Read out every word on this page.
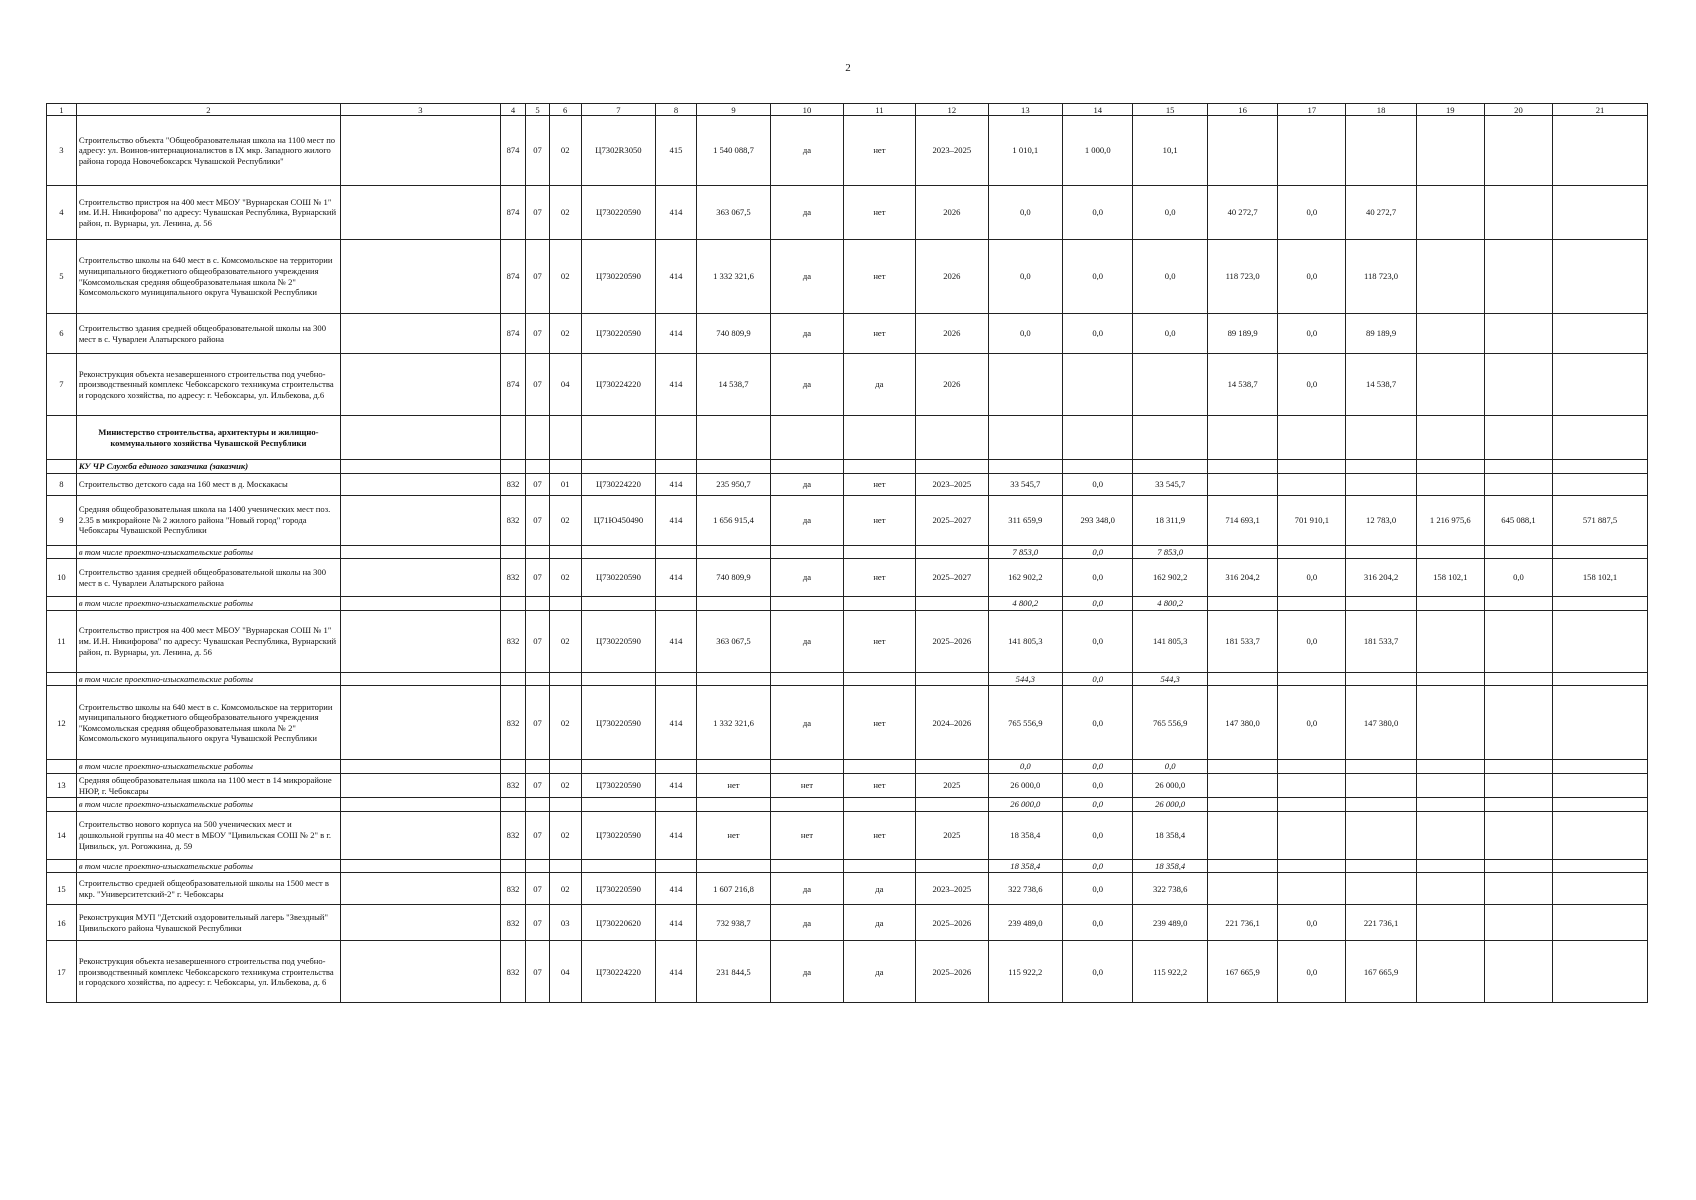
2
1	2	3	4	5	6	7	8	9	10	11	12	13	14	15	16	17	18	19	20	21
3	Строительство объекта "Общеобразовательная школа на 1100 мест по адресу: ул. Воинов-интернационалистов в IX мкр. Западного жилого района города Новочебоксарск Чувашской Республики"		874	07	02	Ц7302R3050	415	1 540 088,7	да	нет	2023–2025	1 010,1	1 000,0	10,1						
4	Строительство пристроя на 400 мест МБОУ "Вурнарская СОШ № 1" им. И.Н. Никифорова" по адресу: Чувашская Республика, Вурнарский район, п. Вурнары, ул. Ленина, д. 56		874	07	02	Ц730220590	414	363 067,5	да	нет	2026	0,0	0,0	0,0	40 272,7	0,0	40 272,7			
5	Строительство школы на 640 мест в с. Комсомольское на территории муниципального бюджетного общеобразовательного учреждения "Комсомольская средняя общеобразовательная школа № 2" Комсомольского муниципального округа Чувашской Республики		874	07	02	Ц730220590	414	1 332 321,6	да	нет	2026	0,0	0,0	0,0	118 723,0	0,0	118 723,0			
6	Строительство здания средней общеобразовательной школы на 300 мест в с. Чуварлеи Алатырского района		874	07	02	Ц730220590	414	740 809,9	да	нет	2026	0,0	0,0	0,0	89 189,9	0,0	89 189,9			
7	Реконструкция объекта незавершенного строительства под учебно-производственный комплекс Чебоксарского техникума строительства и городского хозяйства, по адресу: г. Чебоксары, ул. Ильбекова, д.6		874	07	04	Ц730224220	414	14 538,7	да	да	2026				14 538,7	0,0	14 538,7			
	Министерство строительства, архитектуры и жилищно-коммунального хозяйства Чувашской Республики																			
	КУ ЧР Служба единого заказчика (заказчик)																			
8	Строительство детского сада на 160 мест в д. Москакасы		832	07	01	Ц730224220	414	235 950,7	да	нет	2023–2025	33 545,7	0,0	33 545,7						
9	Средняя общеобразовательная школа на 1400 ученических мест поз. 2.35 в микрорайоне № 2 жилого района "Новый город" города Чебоксары Чувашской Республики		832	07	02	Ц71Ю450490	414	1 656 915,4	да	нет	2025–2027	311 659,9	293 348,0	18 311,9	714 693,1	701 910,1	12 783,0	1 216 975,6	645 088,1	571 887,5
	в том числе проектно-изыскательские работы											7 853,0	0,0	7 853,0						
10	Строительство здания средней общеобразовательной школы на 300 мест в с. Чуварлеи Алатырского района		832	07	02	Ц730220590	414	740 809,9	да	нет	2025–2027	162 902,2	0,0	162 902,2	316 204,2	0,0	316 204,2	158 102,1	0,0	158 102,1
	в том числе проектно-изыскательские работы											4 800,2	0,0	4 800,2						
11	Строительство пристроя на 400 мест МБОУ "Вурнарская СОШ № 1" им. И.Н. Никифорова" по адресу: Чувашская Республика, Вурнарский район, п. Вурнары, ул. Ленина, д. 56		832	07	02	Ц730220590	414	363 067,5	да	нет	2025–2026	141 805,3	0,0	141 805,3	181 533,7	0,0	181 533,7			
	в том числе проектно-изыскательские работы											544,3	0,0	544,3						
12	Строительство школы на 640 мест в с. Комсомольское на территории муниципального бюджетного общеобразовательного учреждения "Комсомольская средняя общеобразовательная школа № 2" Комсомольского муниципального округа Чувашской Республики		832	07	02	Ц730220590	414	1 332 321,6	да	нет	2024–2026	765 556,9	0,0	765 556,9	147 380,0	0,0	147 380,0			
	в том числе проектно-изыскательские работы											0,0	0,0	0,0						
13	Средняя общеобразовательная школа на 1100 мест в 14 микрорайоне НЮР, г. Чебоксары		832	07	02	Ц730220590	414	нет	нет	нет	2025	26 000,0	0,0	26 000,0						
	в том числе проектно-изыскательские работы											26 000,0	0,0	26 000,0						
14	Строительство нового корпуса на 500 ученических мест и дошкольной группы на 40 мест в МБОУ "Цивильская СОШ № 2" в г. Цивильск, ул. Рогожкина, д. 59		832	07	02	Ц730220590	414	нет	нет	нет	2025	18 358,4	0,0	18 358,4						
	в том числе проектно-изыскательские работы											18 358,4	0,0	18 358,4						
15	Строительство средней общеобразовательной школы на 1500 мест в мкр. "Университетский-2" г. Чебоксары		832	07	02	Ц730220590	414	1 607 216,8	да	да	2023–2025	322 738,6	0,0	322 738,6						
16	Реконструкция МУП "Детский оздоровительный лагерь "Звездный" Цивильского района Чувашской Республики		832	07	03	Ц730220620	414	732 938,7	да	да	2025–2026	239 489,0	0,0	239 489,0	221 736,1	0,0	221 736,1			
17	Реконструкция объекта незавершенного строительства под учебно-производственный комплекс Чебоксарского техникума строительства и городского хозяйства, по адресу: г. Чебоксары, ул. Ильбекова, д. 6		832	07	04	Ц730224220	414	231 844,5	да	да	2025–2026	115 922,2	0,0	115 922,2	167 665,9	0,0	167 665,9			
